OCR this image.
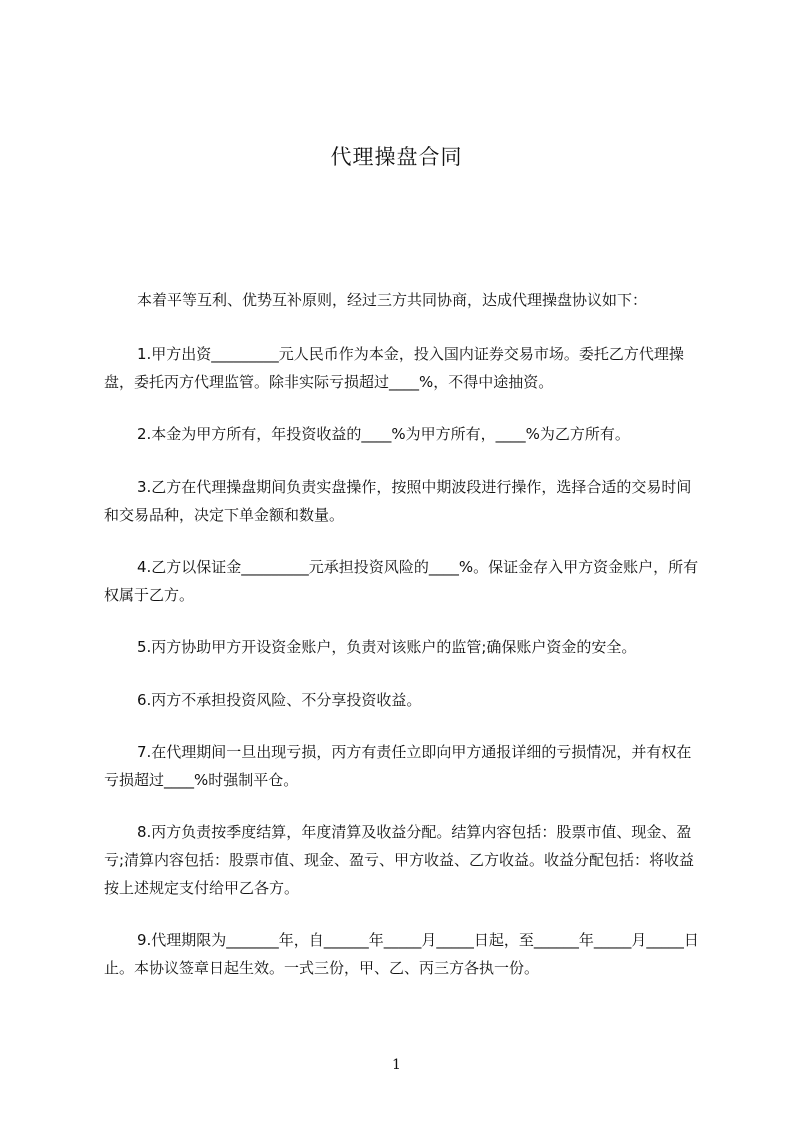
代理操盘合同

本着平等互利、优势互补原则，经过三方共同协商，达成代理操盘协议如下：

1.甲方出资_________元人民币作为本金，投入国内证券交易市场。委托乙方代理操盘，委托丙方代理监管。除非实际亏损超过____%，不得中途抽资。

2.本金为甲方所有，年投资收益的____%为甲方所有，____%为乙方所有。

3.乙方在代理操盘期间负责实盘操作，按照中期波段进行操作，选择合适的交易时间和交易品种，决定下单金额和数量。

4.乙方以保证金_________元承担投资风险的____%。保证金存入甲方资金账户，所有权属于乙方。

5.丙方协助甲方开设资金账户，负责对该账户的监管;确保账户资金的安全。

6.丙方不承担投资风险、不分享投资收益。

7.在代理期间一旦出现亏损，丙方有责任立即向甲方通报详细的亏损情况，并有权在亏损超过____%时强制平仓。

8.丙方负责按季度结算，年度清算及收益分配。结算内容包括：股票市值、现金、盈亏;清算内容包括：股票市值、现金、盈亏、甲方收益、乙方收益。收益分配包括：将收益按上述规定支付给甲乙各方。

9.代理期限为_______年，自______年_____月_____日起，至______年_____月_____日止。本协议签章日起生效。一式三份，甲、乙、丙三方各执一份。

1
